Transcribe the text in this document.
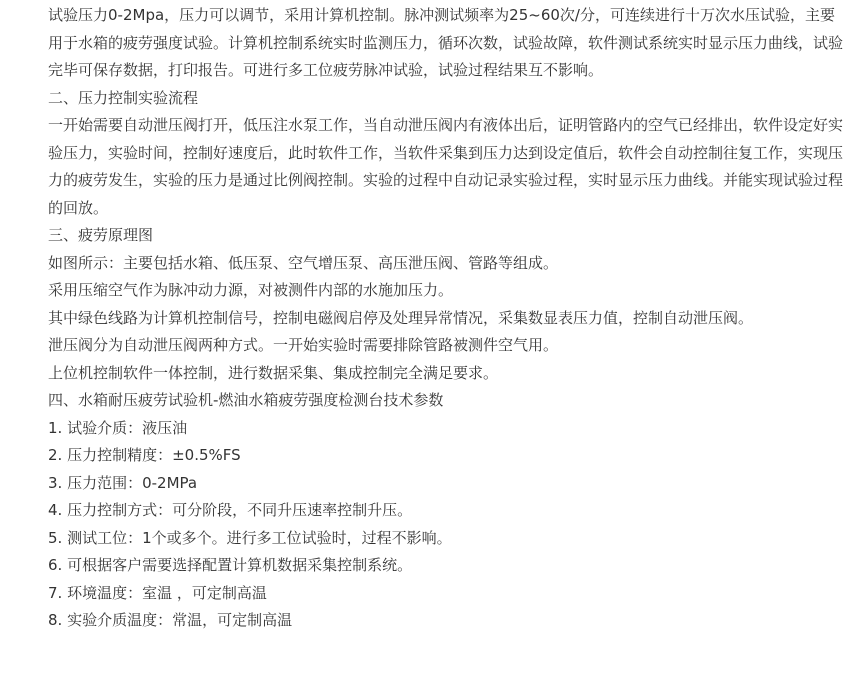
试验压力0-2Mpa，压力可以调节，采用计算机控制。脉冲测试频率为25~60次/分，可连续进行十万次水压试验，主要用于水箱的疲劳强度试验。计算机控制系统实时监测压力，循环次数，试验故障，软件测试系统实时显示压力曲线，试验完毕可保存数据，打印报告。可进行多工位疲劳脉冲试验，试验过程结果互不影响。

二、压力控制实验流程

一开始需要自动泄压阀打开，低压注水泵工作，当自动泄压阀内有液体出后，证明管路内的空气已经排出，软件设定好实验压力，实验时间，控制好速度后，此时软件工作，当软件采集到压力达到设定值后，软件会自动控制往复工作，实现压力的疲劳发生，实验的压力是通过比例阀控制。实验的过程中自动记录实验过程，实时显示压力曲线。并能实现试验过程的回放。

三、疲劳原理图

如图所示：主要包括水箱、低压泵、空气增压泵、高压泄压阀、管路等组成。

采用压缩空气作为脉冲动力源，对被测件内部的水施加压力。

其中绿色线路为计算机控制信号，控制电磁阀启停及处理异常情况，采集数显表压力值，控制自动泄压阀。

泄压阀分为自动泄压阀两种方式。一开始实验时需要排除管路被测件空气用。

上位机控制软件一体控制，进行数据采集、集成控制完全满足要求。

四、水箱耐压疲劳试验机-燃油水箱疲劳强度检测台技术参数

1. 试验介质：液压油

2. 压力控制精度：±0.5%FS

3. 压力范围：0-2MPa

4. 压力控制方式：可分阶段，不同升压速率控制升压。

5. 测试工位：1个或多个。进行多工位试验时，过程不影响。

6. 可根据客户需要选择配置计算机数据采集控制系统。

7. 环境温度：室温 ，可定制高温

8. 实验介质温度：常温，可定制高温
